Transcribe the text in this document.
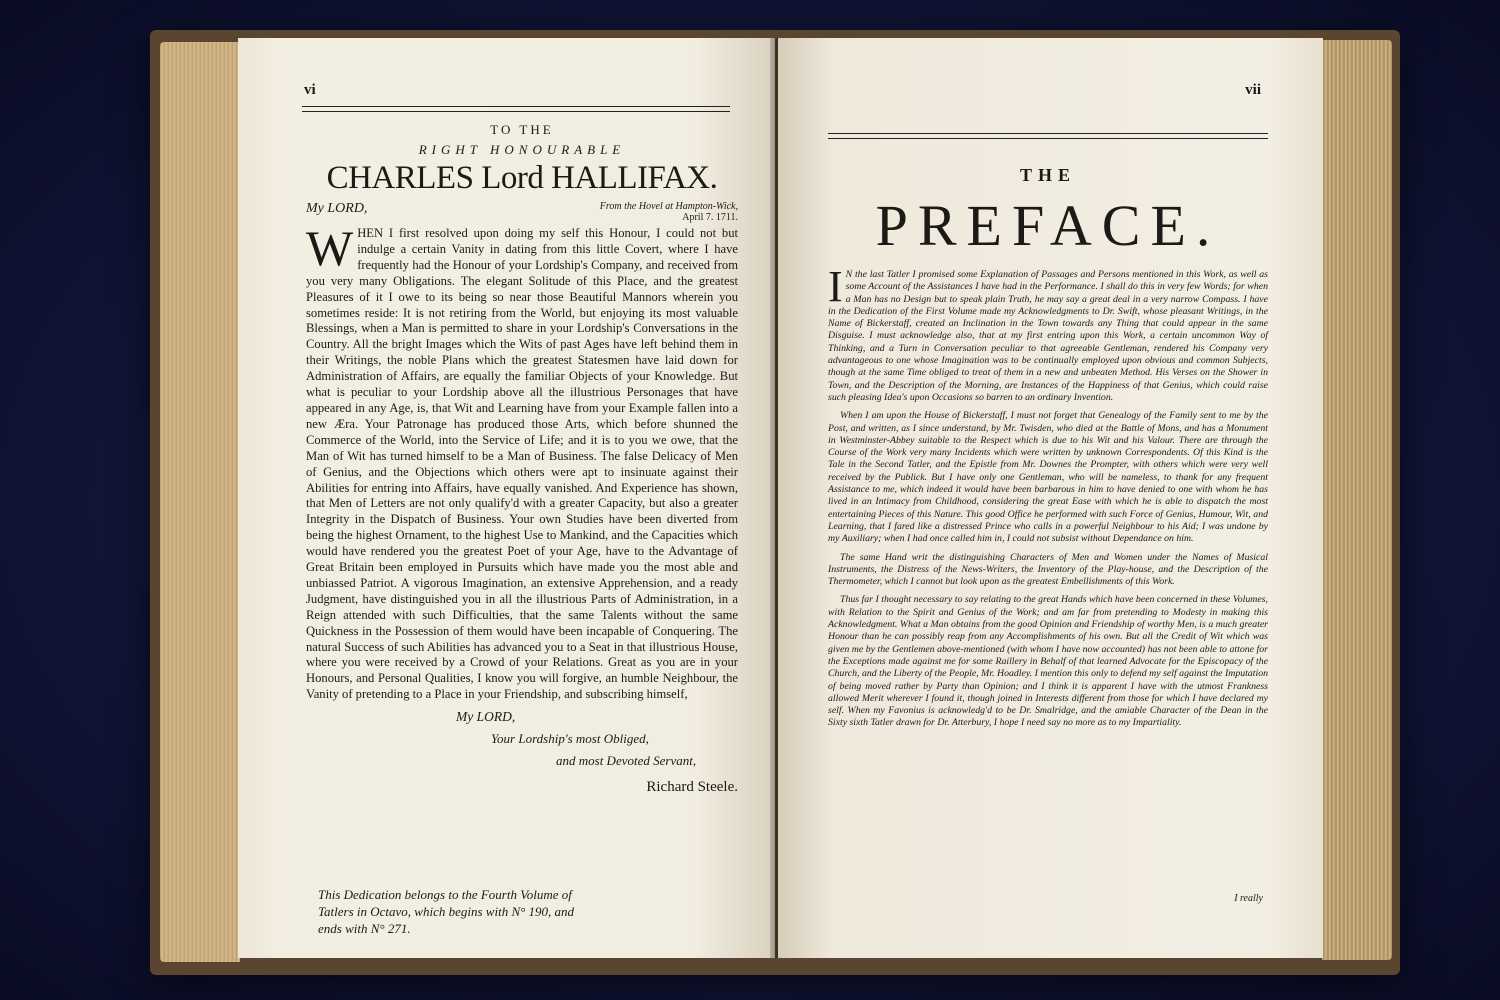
vi
TO THE
RIGHT HONOURABLE
CHARLES Lord HALLIFAX.
My LORD,	From the Hovel at Hampton-Wick,
April 7. 1711.
W HEN I first resolved upon doing my self this Honour, I could not but indulge a certain Vanity in dating from this little Covert, where I have frequently had the Honour of your Lordship's Company, and received from you very many Obligations. The elegant Solitude of this Place, and the greatest Pleasures of it I owe to its being so near those Beautiful Mannors wherein you sometimes reside: It is not retiring from the World, but enjoying its most valuable Blessings, when a Man is permitted to share in your Lordship's Conversations in the Country. All the bright Images which the Wits of past Ages have left behind them in their Writings, the noble Plans which the greatest Statesmen have laid down for Administration of Affairs, are equally the familiar Objects of your Knowledge. But what is peculiar to your Lordship above all the illustrious Personages that have appeared in any Age, is, that Wit and Learning have from your Example fallen into a new Æra. Your Patronage has produced those Arts, which before shunned the Commerce of the World, into the Service of Life; and it is to you we owe, that the Man of Wit has turned himself to be a Man of Business. The false Delicacy of Men of Genius, and the Objections which others were apt to insinuate against their Abilities for entring into Affairs, have equally vanished. And Experience has shown, that Men of Letters are not only qualify'd with a greater Capacity, but also a greater Integrity in the Dispatch of Business. Your own Studies have been diverted from being the highest Ornament, to the highest Use to Mankind, and the Capacities which would have rendered you the greatest Poet of your Age, have to the Advantage of Great Britain been employed in Pursuits which have made you the most able and unbiassed Patriot. A vigorous Imagination, an extensive Apprehension, and a ready Judgment, have distinguished you in all the illustrious Parts of Administration, in a Reign attended with such Difficulties, that the same Talents without the same Quickness in the Possession of them would have been incapable of Conquering. The natural Success of such Abilities has advanced you to a Seat in that illustrious House, where you were received by a Crowd of your Relations. Great as you are in your Honours, and Personal Qualities, I know you will forgive, an humble Neighbour, the Vanity of pretending to a Place in your Friendship, and subscribing himself,
My LORD,
Your Lordship's most Obliged,
and most Devoted Servant,
Richard Steele.
This Dedication belongs to the Fourth Volume of Tatlers in Octavo, which begins with N° 190, and ends with N° 271.
vii
THE
PREFACE.

I N the last Tatler I promised some Explanation of Passages and Persons mentioned in this Work, as well as some Account of the Assistances I have had in the Performance. I shall do this in very few Words; for when a Man has no Design but to speak plain Truth, he may say a great deal in a very narrow Compass. I have in the Dedication of the First Volume made my Acknowledgments to Dr. Swift, whose pleasant Writings, in the Name of Bickerstaff, created an Inclination in the Town towards any Thing that could appear in the same Disguise. I must acknowledge also, that at my first entring upon this Work, a certain uncommon Way of Thinking, and a Turn in Conversation peculiar to that agreeable Gentleman, rendered his Company very advantageous to one whose Imagination was to be continually employed upon obvious and common Subjects, though at the same Time obliged to treat of them in a new and unbeaten Method. His Verses on the Shower in Town, and the Description of the Morning, are Instances of the Happiness of that Genius, which could raise such pleasing Idea's upon Occasions so barren to an ordinary Invention.

When I am upon the House of Bickerstaff, I must not forget that Genealogy of the Family sent to me by the Post, and written, as I since understand, by Mr. Twisden, who died at the Battle of Mons, and has a Monument in Westminster-Abbey suitable to the Respect which is due to his Wit and his Valour. There are through the Course of the Work very many Incidents which were written by unknown Correspondents. Of this Kind is the Tale in the Second Tatler, and the Epistle from Mr. Downes the Prompter, with others which were very well received by the Publick. But I have only one Gentleman, who will be nameless, to thank for any frequent Assistance to me, which indeed it would have been barbarous in him to have denied to one with whom he has lived in an Intimacy from Childhood, considering the great Ease with which he is able to dispatch the most entertaining Pieces of this Nature. This good Office he performed with such Force of Genius, Humour, Wit, and Learning, that I fared like a distressed Prince who calls in a powerful Neighbour to his Aid; I was undone by my Auxiliary; when I had once called him in, I could not subsist without Dependance on him.

The same Hand writ the distinguishing Characters of Men and Women under the Names of Musical Instruments, the Distress of the News-Writers, the Inventory of the Play-house, and the Description of the Thermometer, which I cannot but look upon as the greatest Embellishments of this Work.

Thus far I thought necessary to say relating to the great Hands which have been concerned in these Volumes, with Relation to the Spirit and Genius of the Work; and am far from pretending to Modesty in making this Acknowledgment. What a Man obtains from the good Opinion and Friendship of worthy Men, is a much greater Honour than he can possibly reap from any Accomplishments of his own. But all the Credit of Wit which was given me by the Gentlemen above-mentioned (with whom I have now accounted) has not been able to attone for the Exceptions made against me for some Raillery in Behalf of that learned Advocate for the Episcopacy of the Church, and the Liberty of the People, Mr. Hoadley. I mention this only to defend my self against the Imputation of being moved rather by Party than Opinion; and I think it is apparent I have with the utmost Frankness allowed Merit wherever I found it, though joined in Interests different from those for which I have declared my self. When my Favonius is acknowledg'd to be Dr. Smalridge, and the amiable Character of the Dean in the Sixty sixth Tatler drawn for Dr. Atterbury, I hope I need say no more as to my Impartiality.

I really
